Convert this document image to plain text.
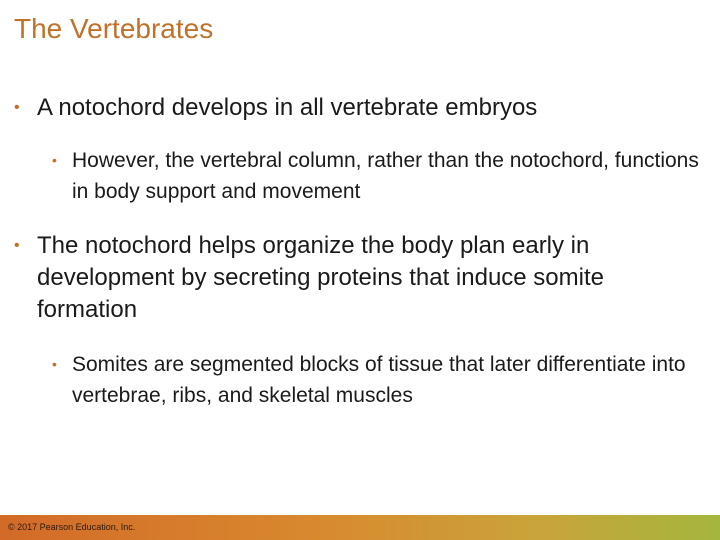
The Vertebrates
• A notochord develops in all vertebrate embryos
• However, the vertebral column, rather than the notochord, functions in body support and movement
• The notochord helps organize the body plan early in development by secreting proteins that induce somite formation
• Somites are segmented blocks of tissue that later differentiate into vertebrae, ribs, and skeletal muscles
© 2017 Pearson Education, Inc.
